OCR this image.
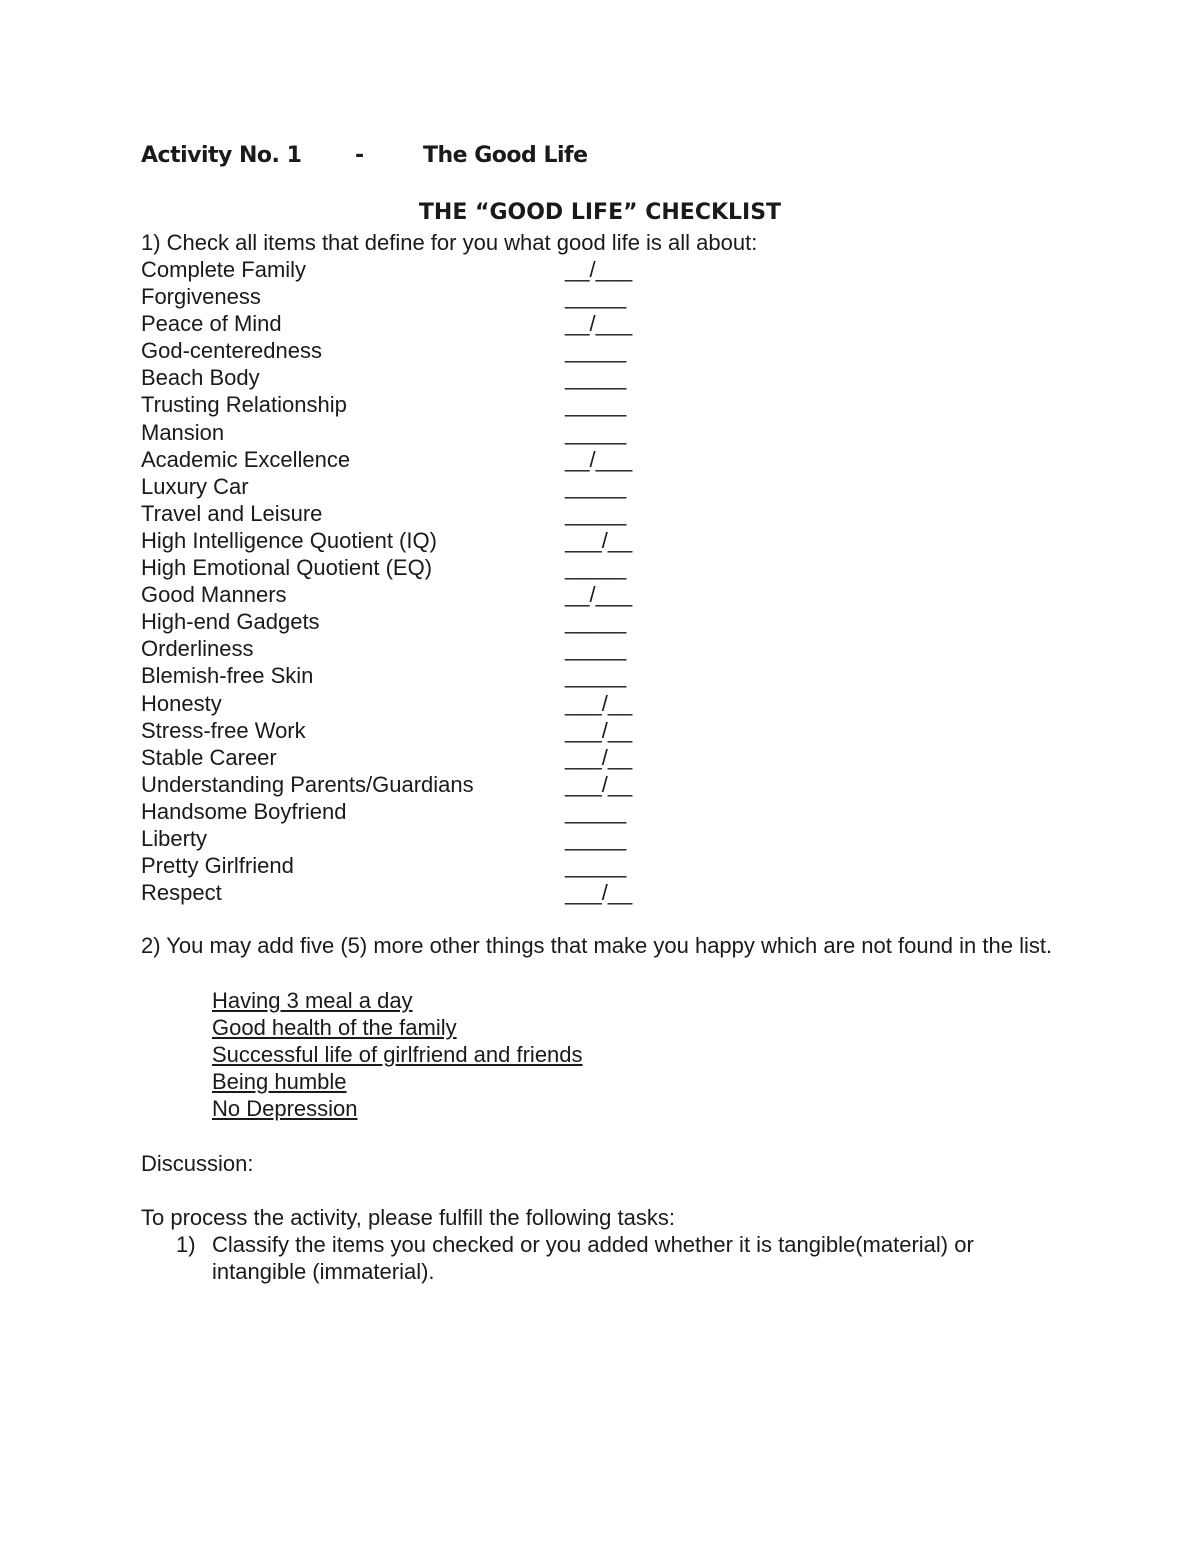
Activity No. 1 -	The Good Life
THE “GOOD LIFE” CHECKLIST
1) Check all items that define for you what good life is all about:
Complete Family	__/___
Forgiveness	_____
Peace of Mind	__/___
God-centeredness	_____
Beach Body	_____
Trusting Relationship	_____
Mansion	_____
Academic Excellence	__/___
Luxury Car	_____
Travel and Leisure	_____
High Intelligence Quotient (IQ)	___/__
High Emotional Quotient (EQ)	_____
Good Manners	__/___
High-end Gadgets	_____
Orderliness	_____
Blemish-free Skin	_____
Honesty	___/__
Stress-free Work	___/__
Stable Career	___/__
Understanding Parents/Guardians	___/__
Handsome Boyfriend	_____
Liberty	_____
Pretty Girlfriend	_____
Respect	___/__
2) You may add five (5) more other things that make you happy which are not found in the list.
Having 3 meal a day
Good health of the family
Successful life of girlfriend and friends
Being humble
No Depression
Discussion:
To process the activity, please fulfill the following tasks:
1) Classify the items you checked or you added whether it is tangible(material) or intangible (immaterial).
